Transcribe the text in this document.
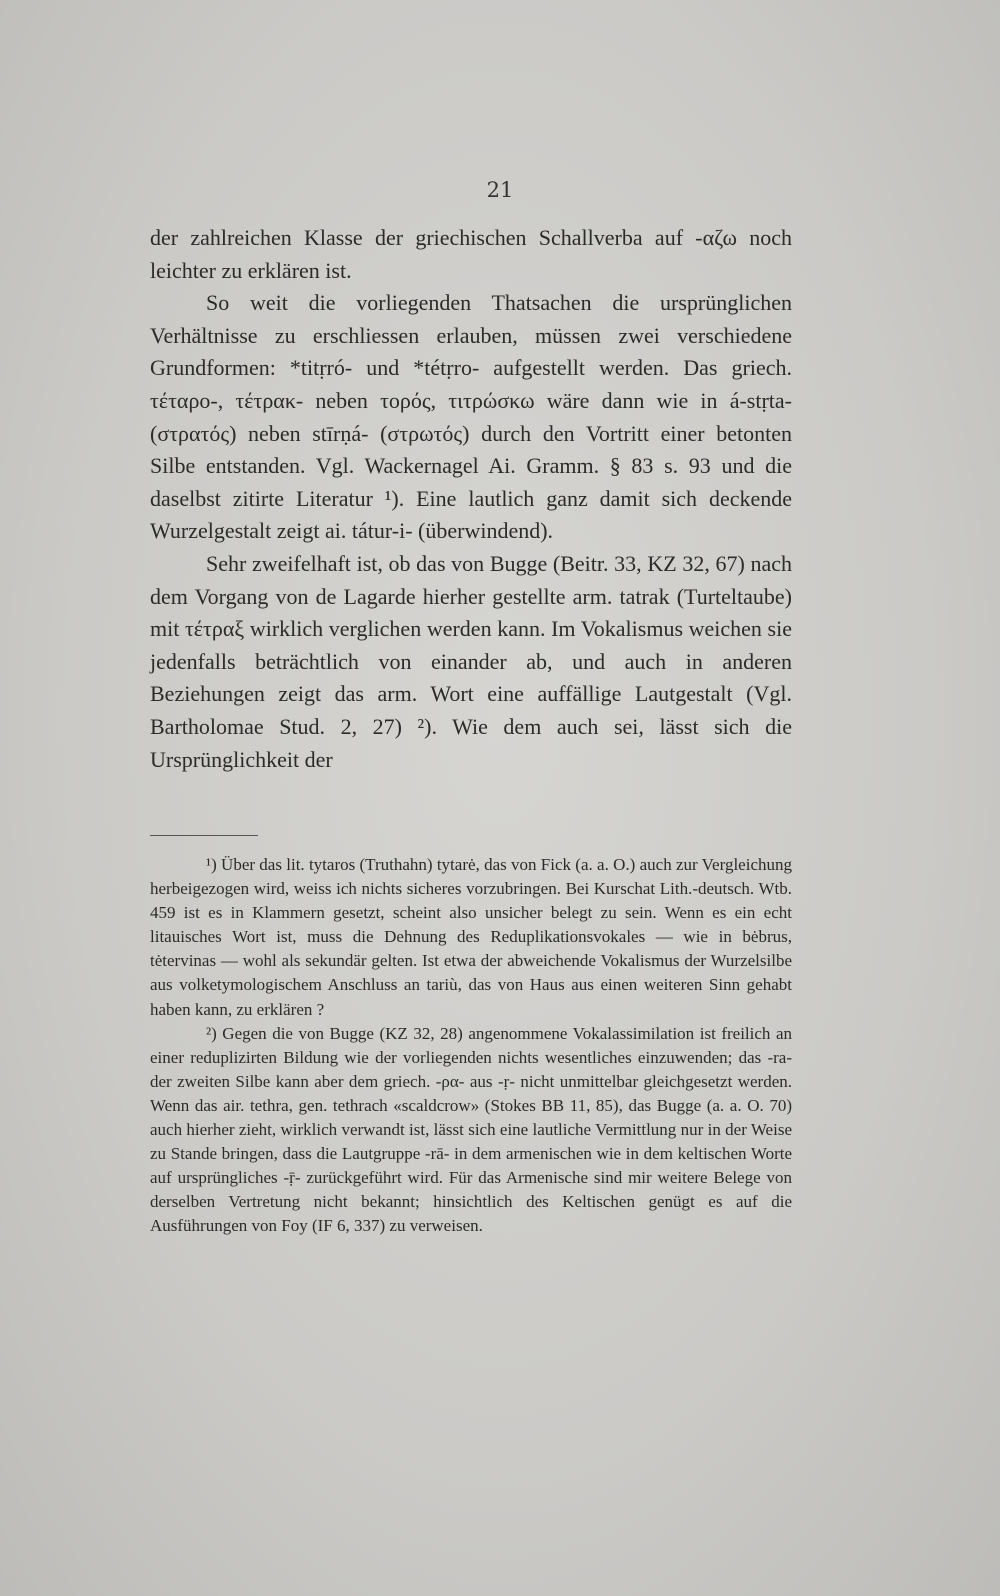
21

der zahlreichen Klasse der griechischen Schallverba auf -αζω noch leichter zu erklären ist.

So weit die vorliegenden Thatsachen die ursprünglichen Verhältnisse zu erschliessen erlauben, müssen zwei verschiedene Grundformen: *titṛró- und *tétṛro- aufgestellt werden. Das griech. τέταρο-, τέτρακ- neben τορός, τιτρώσκω wäre dann wie in á-stṛta- (στρατός) neben stīrṇá- (στρωτός) durch den Vortritt einer betonten Silbe entstanden. Vgl. Wackernagel Ai. Gramm. § 83 s. 93 und die daselbst zitirte Literatur ¹). Eine lautlich ganz damit sich deckende Wurzelgestalt zeigt ai. tátur-i- (überwindend).

Sehr zweifelhaft ist, ob das von Bugge (Beitr. 33, KZ 32, 67) nach dem Vorgang von de Lagarde hierher gestellte arm. tatrak (Turteltaube) mit τέτραξ wirklich verglichen werden kann. Im Vokalismus weichen sie jedenfalls beträchtlich von einander ab, und auch in anderen Beziehungen zeigt das arm. Wort eine auffällige Lautgestalt (Vgl. Bartholomae Stud. 2, 27) ²). Wie dem auch sei, lässt sich die Ursprünglichkeit der

¹) Über das lit. tytaros (Truthahn) tytarė, das von Fick (a. a. O.) auch zur Vergleichung herbeigezogen wird, weiss ich nichts sicheres vorzubringen. Bei Kurschat Lith.-deutsch. Wtb. 459 ist es in Klammern gesetzt, scheint also unsicher belegt zu sein. Wenn es ein echt litauisches Wort ist, muss die Dehnung des Reduplikationsvokales — wie in bėbrus, tėtervinas — wohl als sekundär gelten. Ist etwa der abweichende Vokalismus der Wurzelsilbe aus volketymologischem Anschluss an tariù, das von Haus aus einen weiteren Sinn gehabt haben kann, zu erklären ?

²) Gegen die von Bugge (KZ 32, 28) angenommene Vokalassimilation ist freilich an einer reduplizirten Bildung wie der vorliegenden nichts wesentliches einzuwenden; das -ra- der zweiten Silbe kann aber dem griech. -ρα- aus -ṛ- nicht unmittelbar gleichgesetzt werden. Wenn das air. tethra, gen. tethrach «scaldcrow» (Stokes BB 11, 85), das Bugge (a. a. O. 70) auch hierher zieht, wirklich verwandt ist, lässt sich eine lautliche Vermittlung nur in der Weise zu Stande bringen, dass die Lautgruppe -rā- in dem armenischen wie in dem keltischen Worte auf ursprüngliches -ṝ- zurückgeführt wird. Für das Armenische sind mir weitere Belege von derselben Vertretung nicht bekannt; hinsichtlich des Keltischen genügt es auf die Ausführungen von Foy (IF 6, 337) zu verweisen.
